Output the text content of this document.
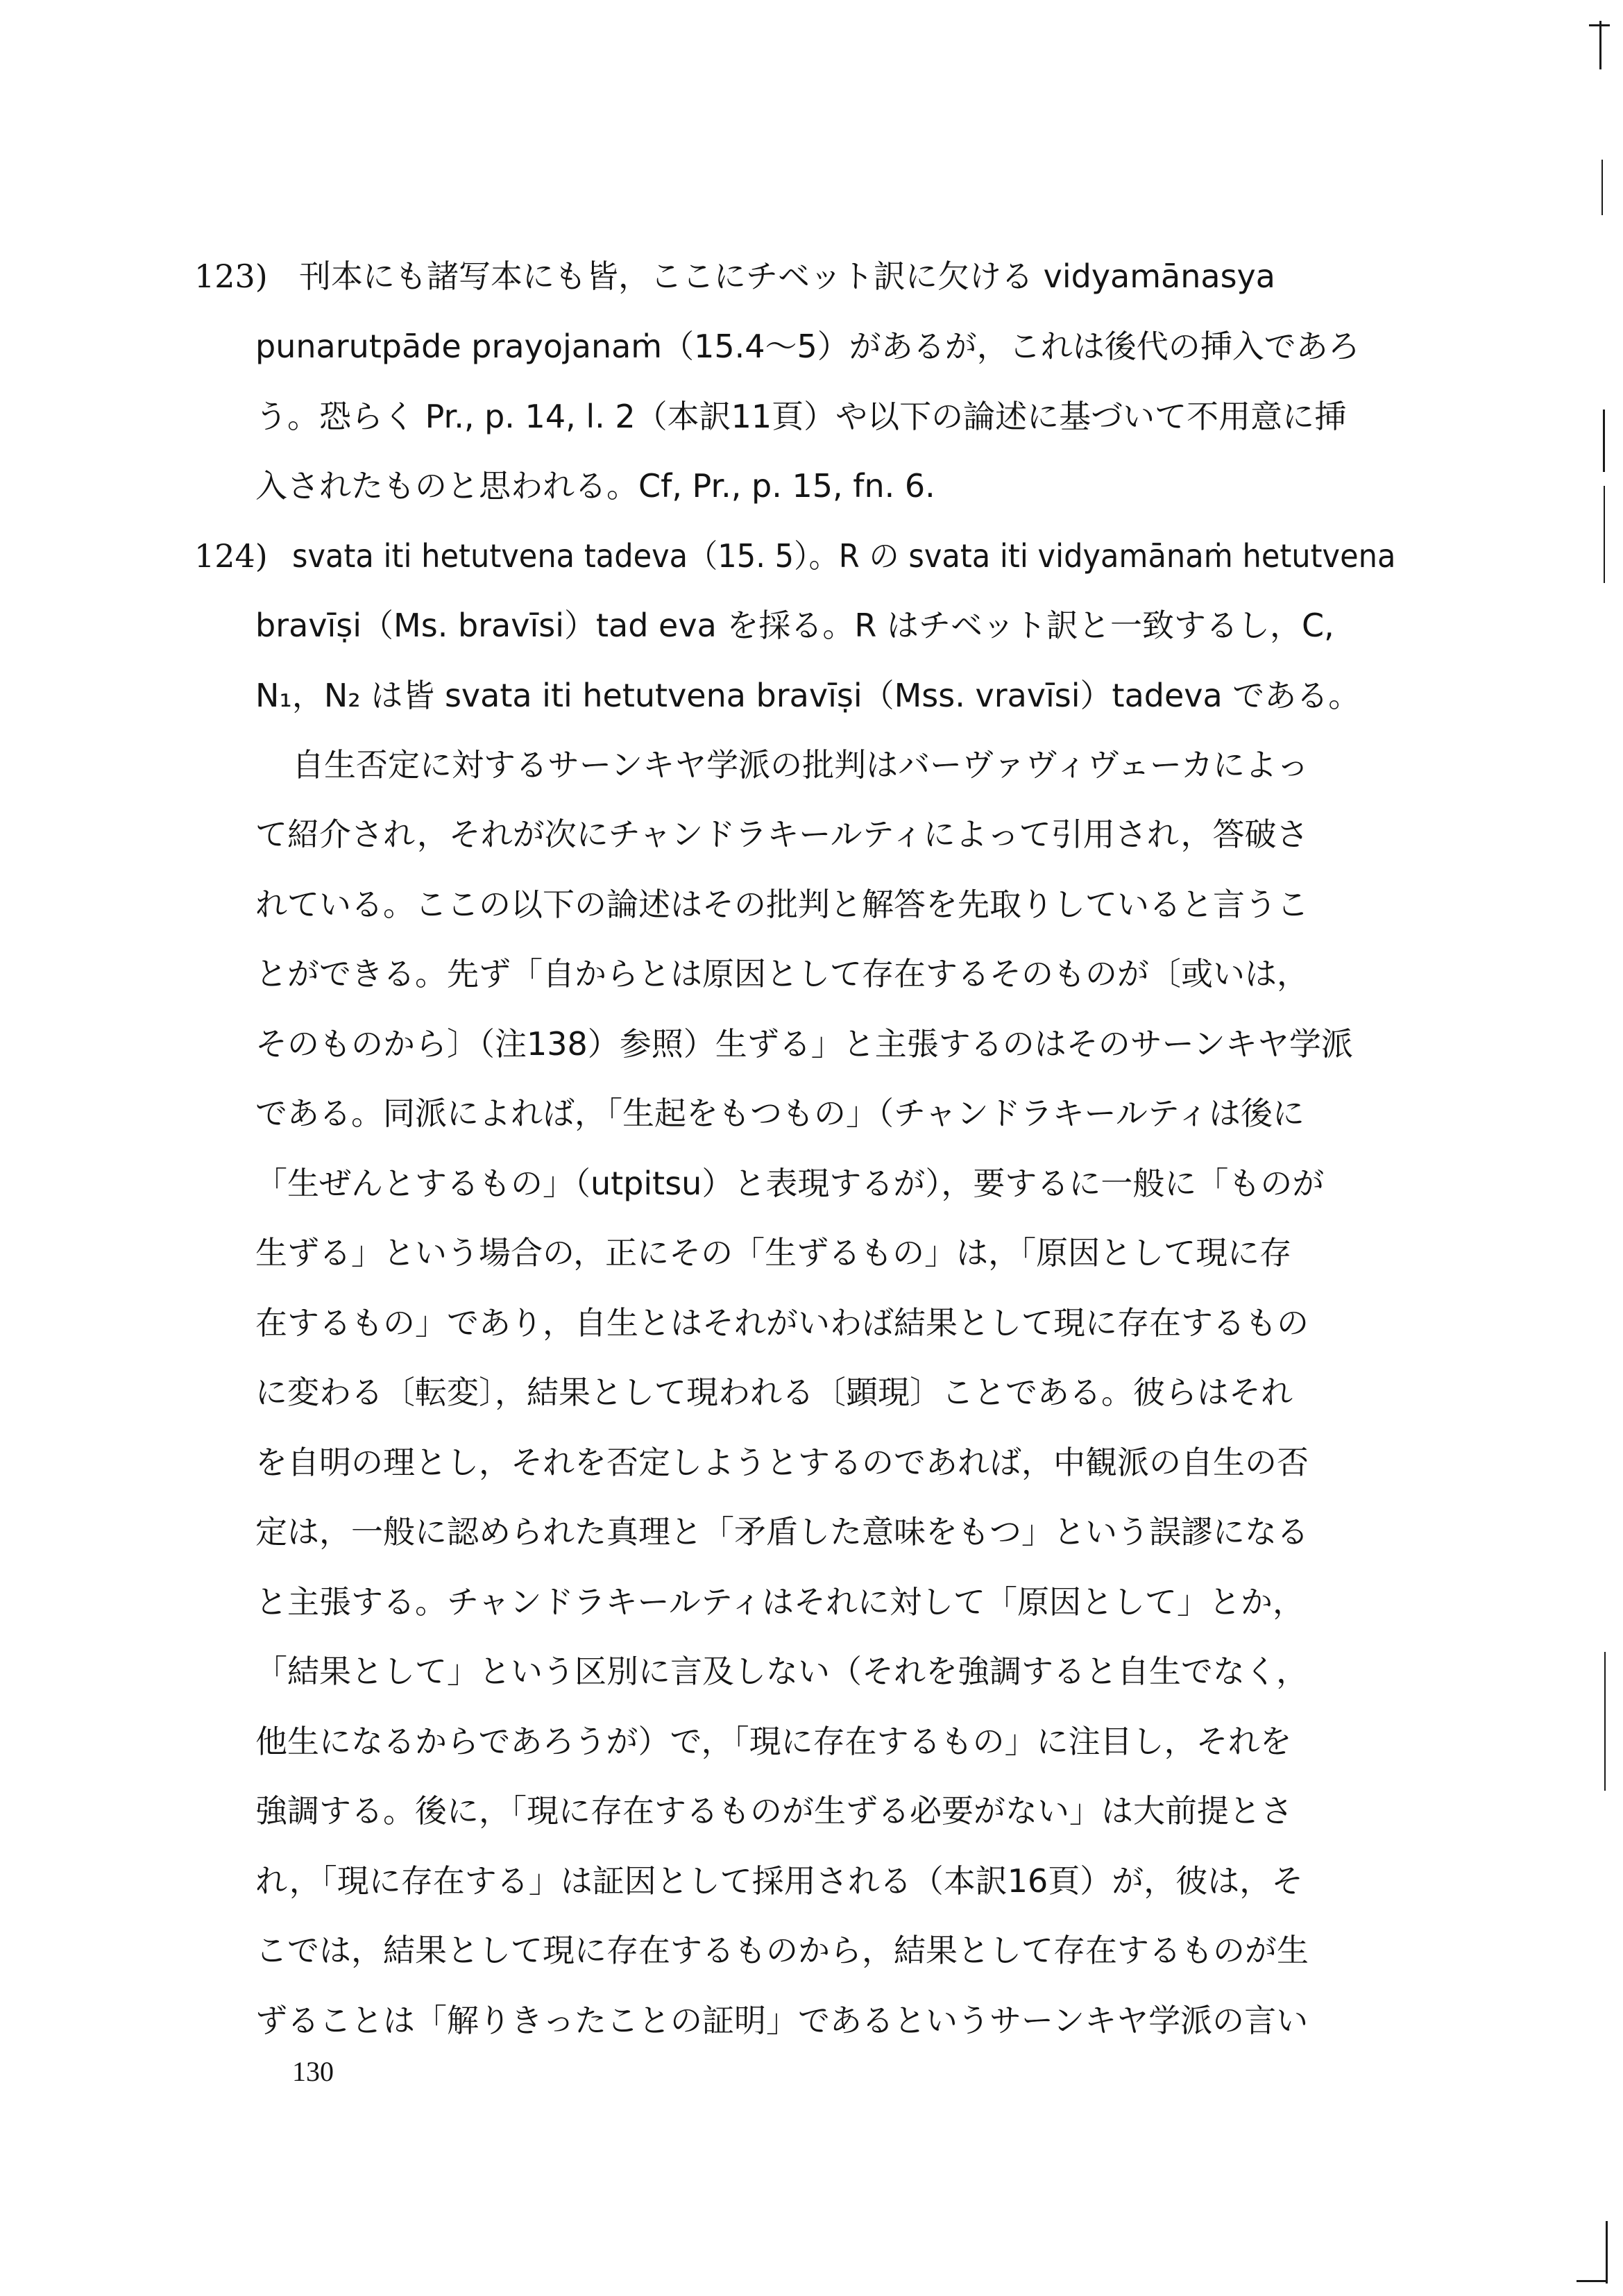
123) 刊本にも諸写本にも皆，ここにチベット訳に欠ける vidyamānasya
punarutpāde prayojanaṁ（15.4〜5）があるが，これは後代の挿入であろ
う。恐らく Pr., p. 14, l. 2（本訳11頁）や以下の論述に基づいて不用意に挿
入されたものと思われる。Cf, Pr., p. 15, fn. 6.
124) svata iti hetutvena tadeva（15. 5）。R の svata iti vidyamānaṁ hetutvena
bravīṣi（Ms. bravīsi）tad eva を採る。R はチベット訳と一致するし，C,
N₁，N₂ は皆 svata iti hetutvena bravīṣi（Mss. vravīsi）tadeva である。
自生否定に対するサーンキヤ学派の批判はバーヴァヴィヴェーカによっ
て紹介され，それが次にチャンドラキールティによって引用され，答破さ
れている。ここの以下の論述はその批判と解答を先取りしていると言うこ
とができる。先ず「自からとは原因として存在するそのものが〔或いは，
そのものから〕（注138）参照）生ずる」と主張するのはそのサーンキヤ学派
である。同派によれば，「生起をもつもの」（チャンドラキールティは後に
「生ぜんとするもの」（utpitsu）と表現するが），要するに一般に「ものが
生ずる」という場合の，正にその「生ずるもの」は，「原因として現に存
在するもの」であり，自生とはそれがいわば結果として現に存在するもの
に変わる〔転変〕，結果として現われる〔顕現〕ことである。彼らはそれ
を自明の理とし，それを否定しようとするのであれば，中観派の自生の否
定は，一般に認められた真理と「矛盾した意味をもつ」という誤謬になる
と主張する。チャンドラキールティはそれに対して「原因として」とか，
「結果として」という区別に言及しない（それを強調すると自生でなく，
他生になるからであろうが）で，「現に存在するもの」に注目し，それを
強調する。後に，「現に存在するものが生ずる必要がない」は大前提とさ
れ，「現に存在する」は証因として採用される（本訳16頁）が，彼は，そ
こでは，結果として現に存在するものから，結果として存在するものが生
ずることは「解りきったことの証明」であるというサーンキヤ学派の言い
130
